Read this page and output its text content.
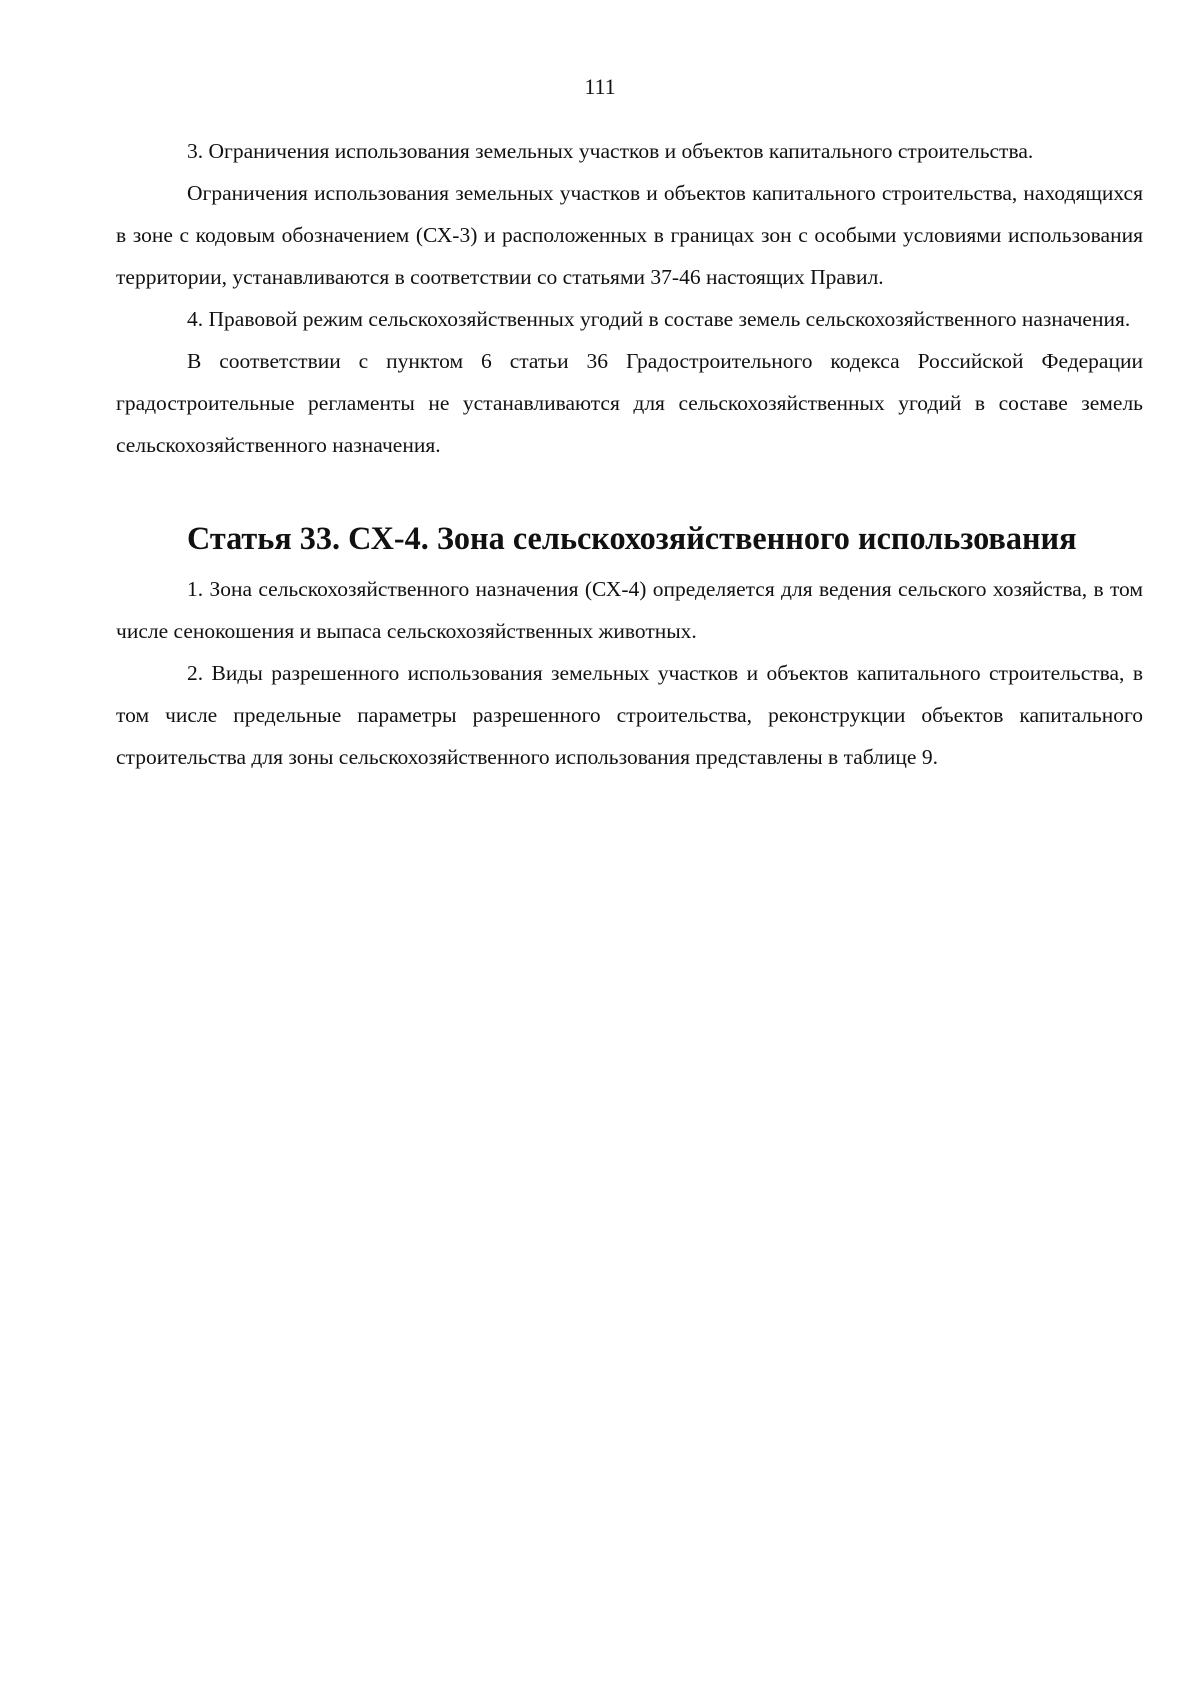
111

3. Ограничения использования земельных участков и объектов капитального строительства.

Ограничения использования земельных участков и объектов капитального строительства, находящихся в зоне с кодовым обозначением (СХ-3) и расположенных в границах зон с особыми условиями использования территории, устанавливаются в соответствии со статьями 37-46 настоящих Правил.

4. Правовой режим сельскохозяйственных угодий в составе земель сельскохозяйственного назначения.

В соответствии с пунктом 6 статьи 36 Градостроительного кодекса Российской Федерации градостроительные регламенты не устанавливаются для сельскохозяйственных угодий в составе земель сельскохозяйственного назначения.

Статья 33. СХ-4. Зона сельскохозяйственного использования

1. Зона сельскохозяйственного назначения (СХ-4) определяется для ведения сельского хозяйства, в том числе сенокошения и выпаса сельскохозяйственных животных.

2. Виды разрешенного использования земельных участков и объектов капитального строительства, в том числе предельные параметры разрешенного строительства, реконструкции объектов капитального строительства для зоны сельскохозяйственного использования представлены в таблице 9.
